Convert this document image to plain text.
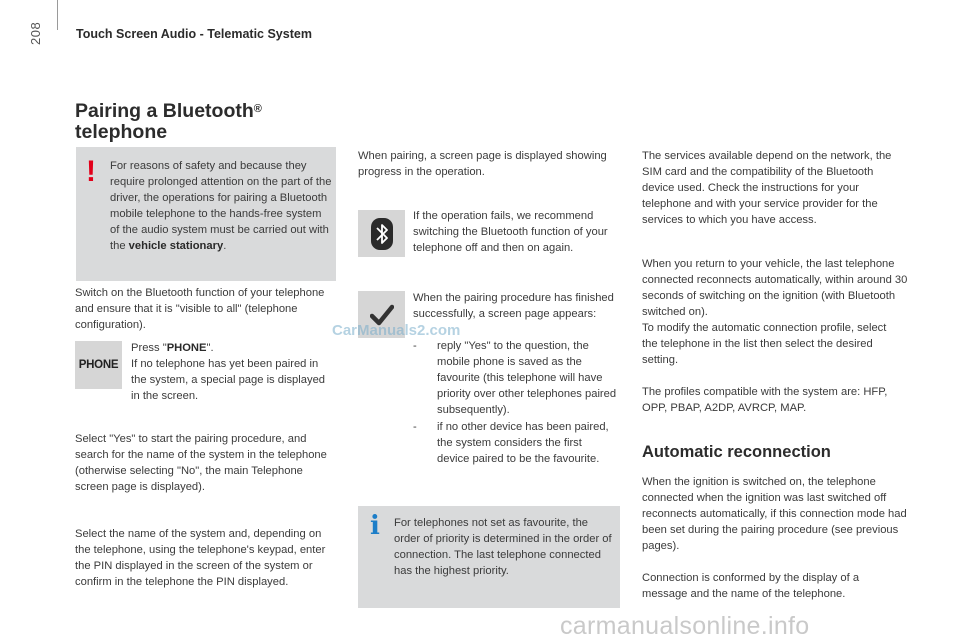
208	Touch Screen Audio - Telematic System
Pairing a Bluetooth®
telephone
! For reasons of safety and because they require prolonged attention on the part of the driver, the operations for pairing a Bluetooth mobile telephone to the hands-free system of the audio system must be carried out with the vehicle stationary.

Switch on the Bluetooth function of your telephone and ensure that it is "visible to all" (telephone configuration).

PHONE

Press "PHONE".
If no telephone has yet been paired in the system, a special page is displayed in the screen.

Select "Yes" to start the pairing procedure, and search for the name of the system in the telephone (otherwise selecting "No", the main Telephone screen page is displayed).

Select the name of the system and, depending on the telephone, using the telephone's keypad, enter the PIN displayed in the screen of the system or confirm in the telephone the PIN displayed.

When pairing, a screen page is displayed showing progress in the operation.

If the operation fails, we recommend switching the Bluetooth function of your telephone off and then on again.

When the pairing procedure has finished successfully, a screen page appears:

- reply "Yes" to the question, the mobile phone is saved as the favourite (this telephone will have priority over other telephones paired subsequently).

- if no other device has been paired, the system considers the first device paired to be the favourite.

i For telephones not set as favourite, the order of priority is determined in the order of connection. The last telephone connected has the highest priority.

The services available depend on the network, the SIM card and the compatibility of the Bluetooth device used. Check the instructions for your telephone and with your service provider for the services to which you have access.

When you return to your vehicle, the last telephone connected reconnects automatically, within around 30 seconds of switching on the ignition (with Bluetooth switched on).

To modify the automatic connection profile, select the telephone in the list then select the desired setting.

The profiles compatible with the system are: HFP, OPP, PBAP, A2DP, AVRCP, MAP.

Automatic reconnection

When the ignition is switched on, the telephone connected when the ignition was last switched off reconnects automatically, if this connection mode had been set during the pairing procedure (see previous pages).

Connection is conformed by the display of a message and the name of the telephone.

CarManuals2.com
carmanualsonline.info
